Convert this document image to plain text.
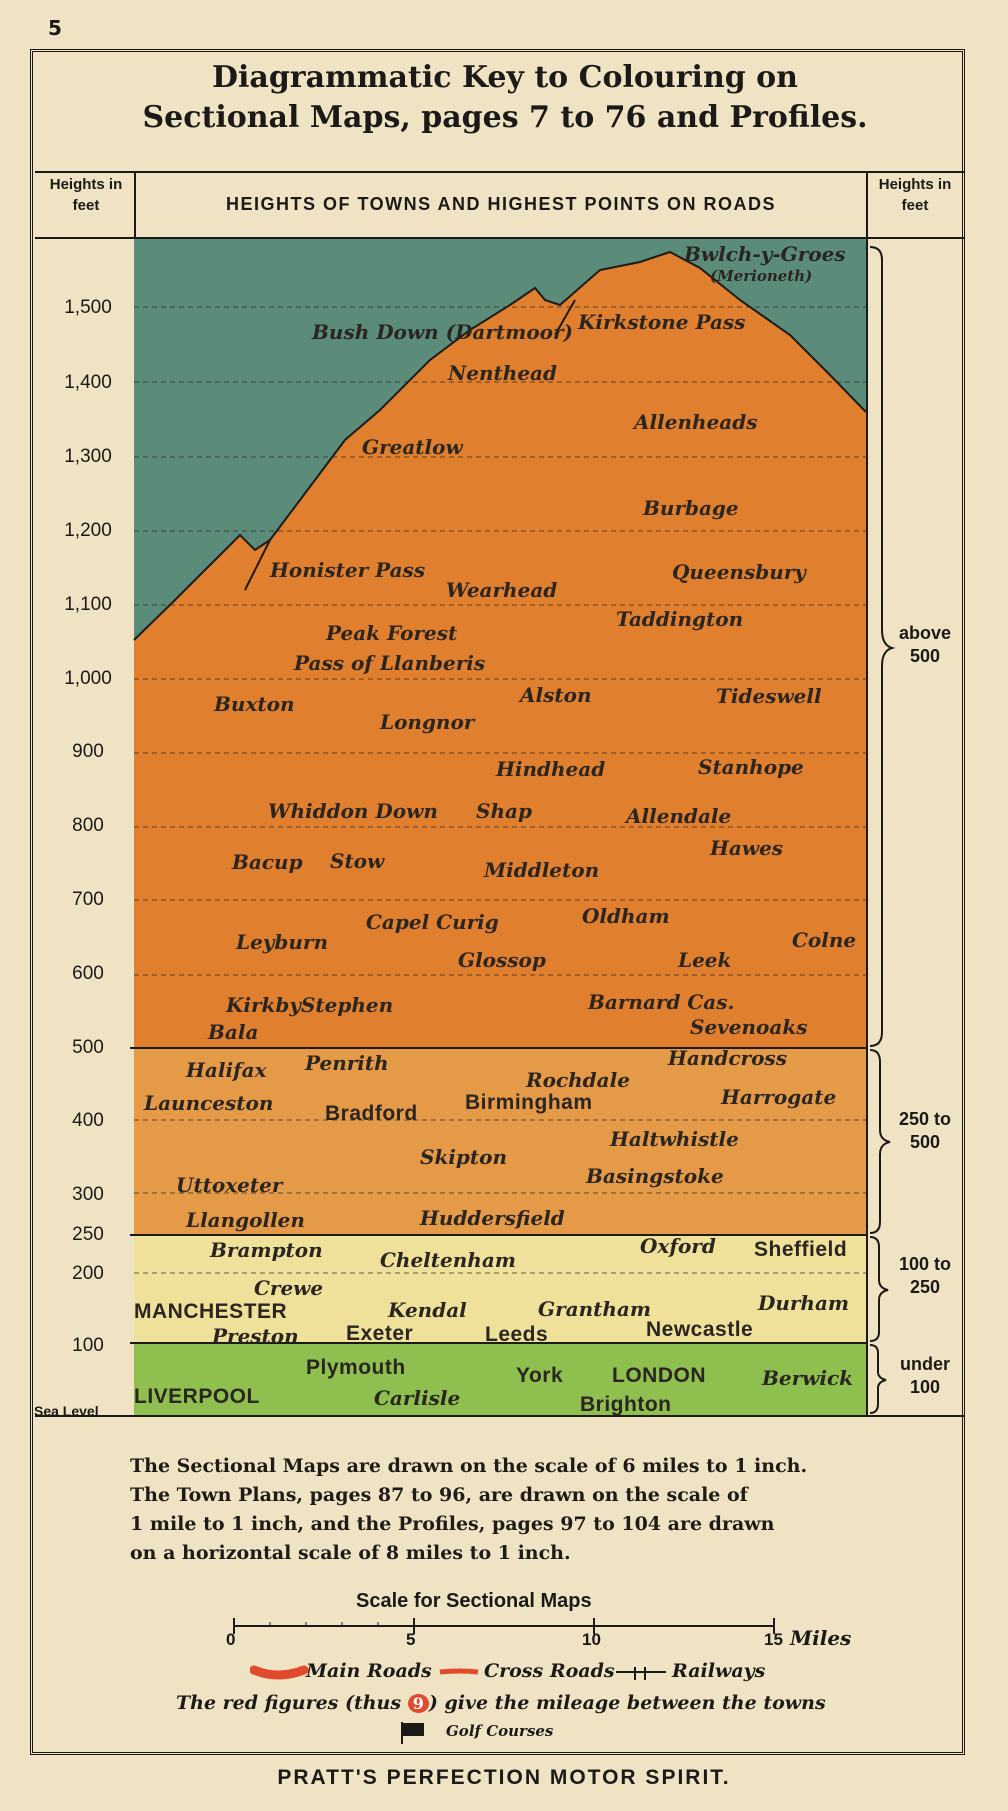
5
Diagrammatic Key to Colouring on
Sectional Maps, pages 7 to 76 and Profiles.
Heights in feet	HEIGHTS OF TOWNS AND HIGHEST POINTS ON ROADS
Heights in feet
1,500
1,400
1,300
1,200
1,100
1,000
900
800
700
600
500
400
300
250
200
100
Sea Level
above 500
250 to 500
100 to 250
under 100
Bwlch-y-Groes
(Merioneth)
Kirkstone Pass
Bush Down (Dartmoor)
Nenthead
Allenheads
Greatlow
Burbage
Honister Pass	Queensbury
Wearhead
Taddington
Peak Forest
Pass of Llanberis
Buxton	Alston	Tideswell
Longnor
Hindhead	Stanhope
Whiddon Down Shap	Allendale
Bacup Stow	Middleton
Hawes
Capel Curig	Oldham
Leyburn	Colne
Glossop	Leek
KirkbyStephen	Barnard Cas.
Bala	Sevenoaks
Halifax Penrith	Handcross
Rochdale
Launceston	Birmingham	Harrogate
Bradford
Haltwhistle
Skipton
Uttoxeter	Basingstoke
Llangollen	Huddersfield
Brampton	Oxford Sheffield
Cheltenham
Crewe
MANCHESTER	Kendal	Grantham	Durham
Preston Exeter	Leeds	Newcastle
Plymouth	York LONDON	Berwick
LIVERPOOL	Carlisle	Brighton
The Sectional Maps are drawn on the scale of 6 miles to 1 inch.
The Town Plans, pages 87 to 96, are drawn on the scale of
1 mile to 1 inch, and the Profiles, pages 97 to 104 are drawn
on a horizontal scale of 8 miles to 1 inch.
Scale for Sectional Maps
0	5	10	15 Miles
Main Roads	Cross Roads	Railways
The red figures (thus 9 ) give the mileage between the towns
Golf Courses
PRATT'S PERFECTION MOTOR SPIRIT.
